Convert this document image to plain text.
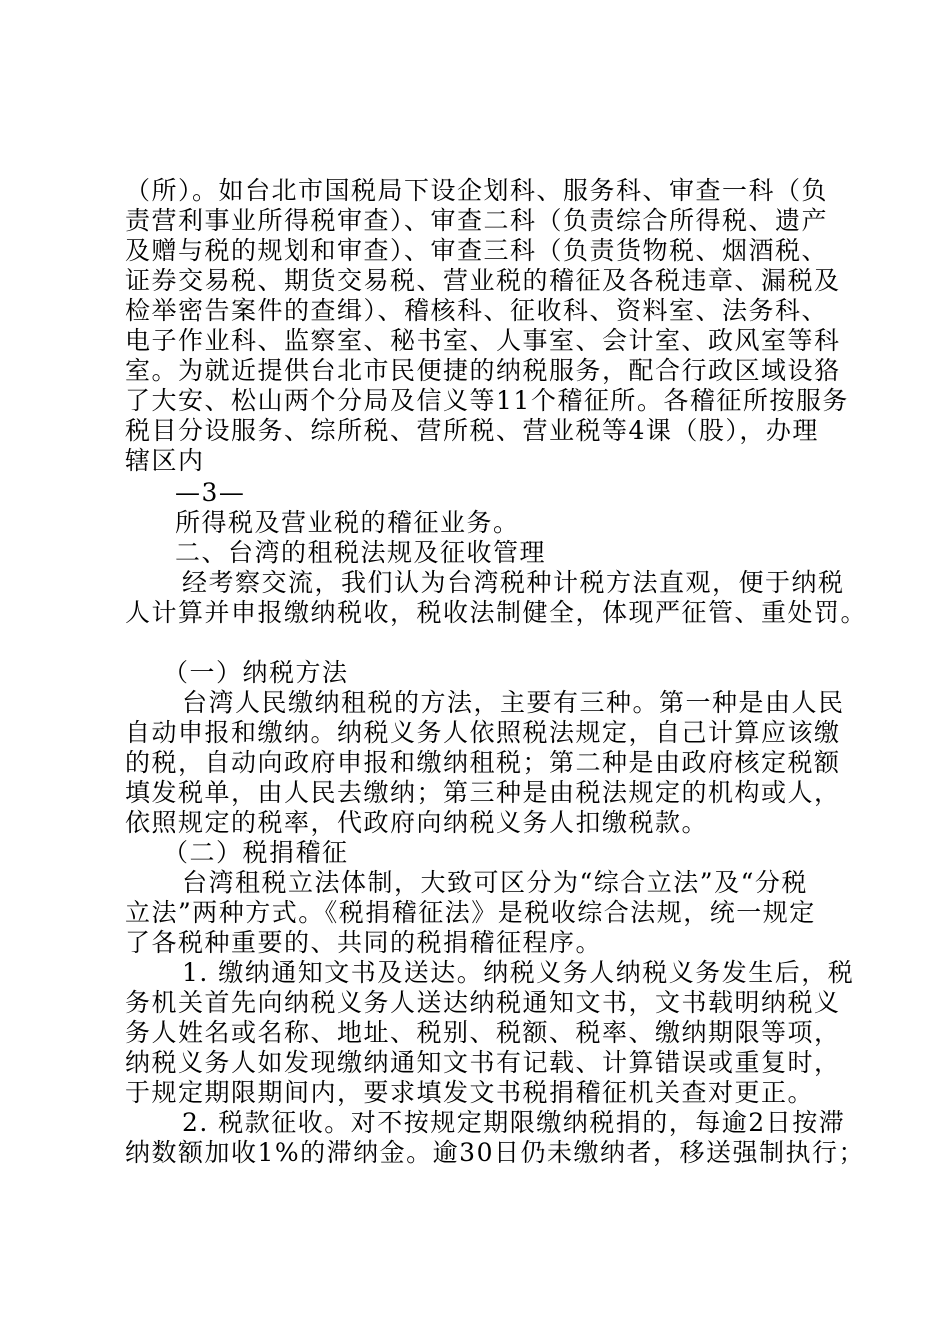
（所）。如台北市国税局下设企划科、服务科、审查一科（负
责营利事业所得税审查）、审查二科（负责综合所得税、遗产
及赠与税的规划和审查）、审查三科（负责货物税、烟酒税、
证券交易税、期货交易税、营业税的稽征及各税违章、漏税及
检举密告案件的查缉）、稽核科、征收科、资料室、法务科、
电子作业科、监察室、秘书室、人事室、会计室、政风室等科
室。为就近提供台北市民便捷的纳税服务，配合行政区域设狢
了大安、松山两个分局及信义等11个稽征所。各稽征所按服务
税目分设服务、综所税、营所税、营业税等4课（股），办理
辖区内
—3—
所得税及营业税的稽征业务。
二、台湾的租税法规及征收管理
经考察交流，我们认为台湾税种计税方法直观，便于纳税
人计算并申报缴纳税收，税收法制健全，体现严征管、重处罚。
（一）纳税方法
台湾人民缴纳租税的方法，主要有三种。第一种是由人民
自动申报和缴纳。纳税义务人依照税法规定，自己计算应该缴
的税，自动向政府申报和缴纳租税；第二种是由政府核定税额
填发税单，由人民去缴纳；第三种是由税法规定的机构或人，
依照规定的税率，代政府向纳税义务人扣缴税款。
（二）税捐稽征
台湾租税立法体制，大致可区分为“综合立法”及“分税
立法”两种方式。《税捐稽征法》是税收综合法规，统一规定
了各税种重要的、共同的税捐稽征程序。
1. 缴纳通知文书及送达。纳税义务人纳税义务发生后，税
务机关首先向纳税义务人送达纳税通知文书，文书载明纳税义
务人姓名或名称、地址、税别、税额、税率、缴纳期限等项，
纳税义务人如发现缴纳通知文书有记载、计算错误或重复时，
于规定期限期间内，要求填发文书税捐稽征机关查对更正。
2. 税款征收。对不按规定期限缴纳税捐的，每逾2日按滞
纳数额加收1%的滞纳金。逾30日仍未缴纳者，移送强制执行；
